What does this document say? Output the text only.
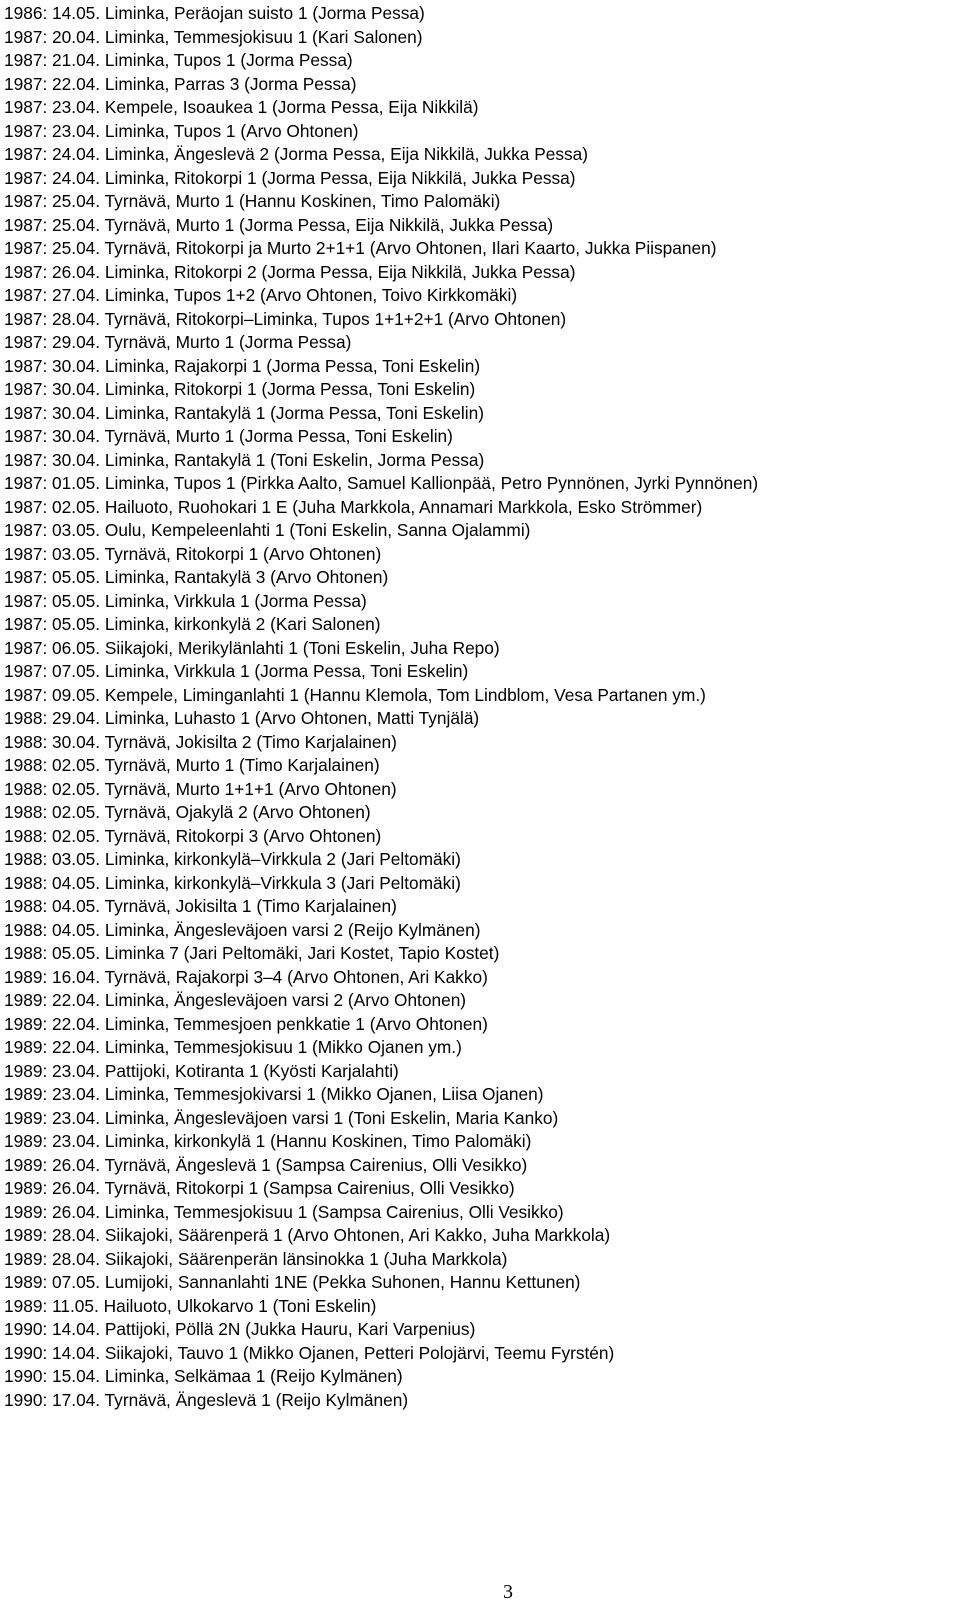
1986: 14.05. Liminka, Peräojan suisto 1 (Jorma Pessa)
1987: 20.04. Liminka, Temmesjokisuu 1 (Kari Salonen)
1987: 21.04. Liminka, Tupos 1 (Jorma Pessa)
1987: 22.04. Liminka, Parras 3 (Jorma Pessa)
1987: 23.04. Kempele, Isoaukea 1 (Jorma Pessa, Eija Nikkilä)
1987: 23.04. Liminka, Tupos 1 (Arvo Ohtonen)
1987: 24.04. Liminka, Ängeslevä 2 (Jorma Pessa, Eija Nikkilä, Jukka Pessa)
1987: 24.04. Liminka, Ritokorpi 1 (Jorma Pessa, Eija Nikkilä, Jukka Pessa)
1987: 25.04. Tyrnävä, Murto 1 (Hannu Koskinen, Timo Palomäki)
1987: 25.04. Tyrnävä, Murto 1 (Jorma Pessa, Eija Nikkilä, Jukka Pessa)
1987: 25.04. Tyrnävä, Ritokorpi ja Murto 2+1+1 (Arvo Ohtonen, Ilari Kaarto, Jukka Piispanen)
1987: 26.04. Liminka, Ritokorpi 2 (Jorma Pessa, Eija Nikkilä, Jukka Pessa)
1987: 27.04. Liminka, Tupos 1+2 (Arvo Ohtonen, Toivo Kirkkomäki)
1987: 28.04. Tyrnävä, Ritokorpi–Liminka, Tupos 1+1+2+1 (Arvo Ohtonen)
1987: 29.04. Tyrnävä, Murto 1 (Jorma Pessa)
1987: 30.04. Liminka, Rajakorpi 1 (Jorma Pessa, Toni Eskelin)
1987: 30.04. Liminka, Ritokorpi 1 (Jorma Pessa, Toni Eskelin)
1987: 30.04. Liminka, Rantakylä 1 (Jorma Pessa, Toni Eskelin)
1987: 30.04. Tyrnävä, Murto 1 (Jorma Pessa, Toni Eskelin)
1987: 30.04. Liminka, Rantakylä 1 (Toni Eskelin, Jorma Pessa)
1987: 01.05. Liminka, Tupos 1 (Pirkka Aalto, Samuel Kallionpää, Petro Pynnönen, Jyrki Pynnönen)
1987: 02.05. Hailuoto, Ruohokari 1 E (Juha Markkola, Annamari Markkola, Esko Strömmer)
1987: 03.05. Oulu, Kempeleenlahti 1 (Toni Eskelin, Sanna Ojalammi)
1987: 03.05. Tyrnävä, Ritokorpi 1 (Arvo Ohtonen)
1987: 05.05. Liminka, Rantakylä 3 (Arvo Ohtonen)
1987: 05.05. Liminka, Virkkula 1 (Jorma Pessa)
1987: 05.05. Liminka, kirkonkylä 2 (Kari Salonen)
1987: 06.05. Siikajoki, Merikylänlahti 1 (Toni Eskelin, Juha Repo)
1987: 07.05. Liminka, Virkkula 1 (Jorma Pessa, Toni Eskelin)
1987: 09.05. Kempele, Liminganlahti 1 (Hannu Klemola, Tom Lindblom, Vesa Partanen ym.)
1988: 29.04. Liminka, Luhasto 1 (Arvo Ohtonen, Matti Tynjälä)
1988: 30.04. Tyrnävä, Jokisilta 2 (Timo Karjalainen)
1988: 02.05. Tyrnävä, Murto 1 (Timo Karjalainen)
1988: 02.05. Tyrnävä, Murto 1+1+1 (Arvo Ohtonen)
1988: 02.05. Tyrnävä, Ojakylä 2 (Arvo Ohtonen)
1988: 02.05. Tyrnävä, Ritokorpi 3 (Arvo Ohtonen)
1988: 03.05. Liminka, kirkonkylä–Virkkula 2 (Jari Peltomäki)
1988: 04.05. Liminka, kirkonkylä–Virkkula 3 (Jari Peltomäki)
1988: 04.05. Tyrnävä, Jokisilta 1 (Timo Karjalainen)
1988: 04.05. Liminka, Ängesleväjoen varsi 2 (Reijo Kylmänen)
1988: 05.05. Liminka 7 (Jari Peltomäki, Jari Kostet, Tapio Kostet)
1989: 16.04. Tyrnävä, Rajakorpi 3–4 (Arvo Ohtonen, Ari Kakko)
1989: 22.04. Liminka, Ängesleväjoen varsi 2 (Arvo Ohtonen)
1989: 22.04. Liminka, Temmesjoen penkkatie 1 (Arvo Ohtonen)
1989: 22.04. Liminka, Temmesjokisuu 1 (Mikko Ojanen ym.)
1989: 23.04. Pattijoki, Kotiranta 1 (Kyösti Karjalahti)
1989: 23.04. Liminka, Temmesjokivarsi 1 (Mikko Ojanen, Liisa Ojanen)
1989: 23.04. Liminka, Ängesleväjoen varsi 1 (Toni Eskelin, Maria Kanko)
1989: 23.04. Liminka, kirkonkylä 1 (Hannu Koskinen, Timo Palomäki)
1989: 26.04. Tyrnävä, Ängeslevä 1 (Sampsa Cairenius, Olli Vesikko)
1989: 26.04. Tyrnävä, Ritokorpi 1 (Sampsa Cairenius, Olli Vesikko)
1989: 26.04. Liminka, Temmesjokisuu 1 (Sampsa Cairenius, Olli Vesikko)
1989: 28.04. Siikajoki, Säärenperä 1 (Arvo Ohtonen, Ari Kakko, Juha Markkola)
1989: 28.04. Siikajoki, Säärenperän länsinokka 1 (Juha Markkola)
1989: 07.05. Lumijoki, Sannanlahti 1NE (Pekka Suhonen, Hannu Kettunen)
1989: 11.05. Hailuoto, Ulkokarvo 1 (Toni Eskelin)
1990: 14.04. Pattijoki, Pöllä 2N (Jukka Hauru, Kari Varpenius)
1990: 14.04. Siikajoki, Tauvo 1 (Mikko Ojanen, Petteri Polojärvi, Teemu Fyrstén)
1990: 15.04. Liminka, Selkämaa 1 (Reijo Kylmänen)
1990: 17.04. Tyrnävä, Ängeslevä 1 (Reijo Kylmänen)
3
